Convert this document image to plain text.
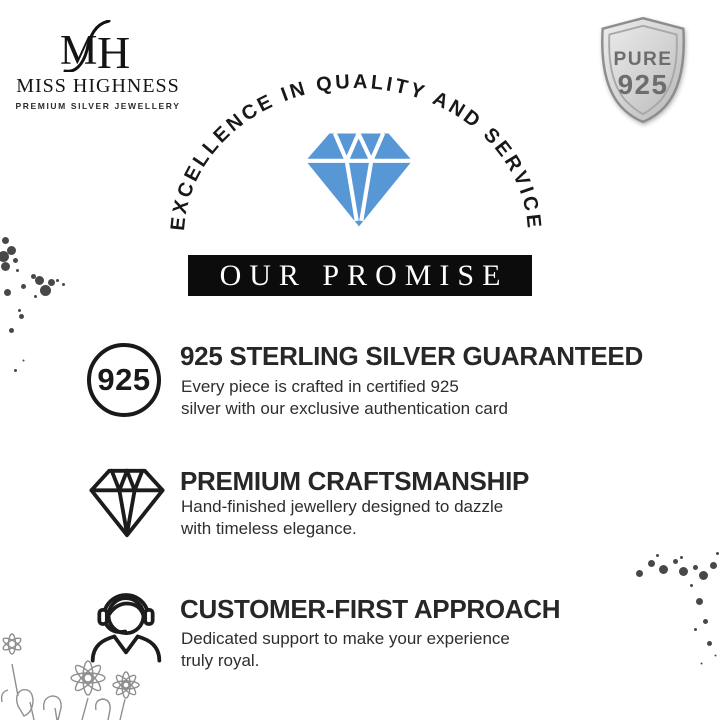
M H
MISS HIGHNESS
PREMIUM SILVER JEWELLERY
PURE
925
EXCELLENCE IN QUALITY AND SERVICE
OUR PROMISE
925
925 STERLING SILVER GUARANTEED
Every piece is crafted in certified 925
silver with our exclusive authentication card
PREMIUM CRAFTSMANSHIP
Hand-finished jewellery designed to dazzle
with timeless elegance.
CUSTOMER-FIRST APPROACH
Dedicated support to make your experience
truly royal.
